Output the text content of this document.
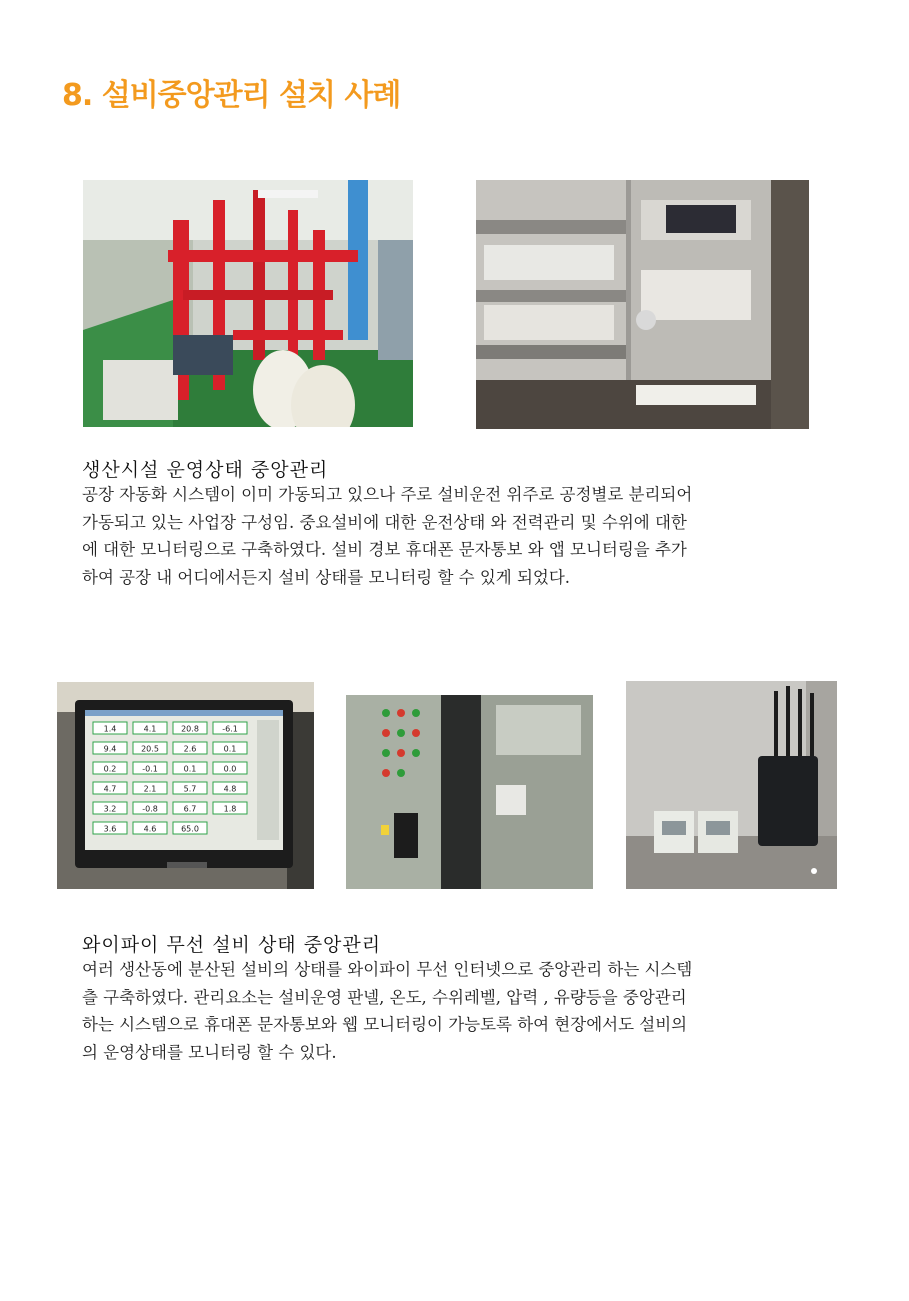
8. 설비중앙관리 설치 사례
생산시설 운영상태 중앙관리
공장 자동화 시스템이 이미 가동되고 있으나 주로 설비운전 위주로 공정별로 분리되어
가동되고 있는 사업장 구성임. 중요설비에 대한 운전상태 와 전력관리 및 수위에 대한
에 대한 모니터링으로 구축하였다. 설비 경보 휴대폰 문자통보 와 앱 모니터링을 추가
하여 공장 내 어디에서든지 설비 상태를 모니터링 할 수 있게 되었다.
1.4	4.1	20.8	-6.1
9.4	20.5	2.6	0.1
0.2	-0.1	0.1	0.0
4.7	2.1	5.7	4.8
3.2	-0.8	6.7	1.8
3.6	4.6	65.0
와이파이 무선 설비 상태 중앙관리
여러 생산동에 분산된 설비의 상태를 와이파이 무선 인터넷으로 중앙관리 하는 시스템
츨 구축하였다. 관리요소는 설비운영 판넬, 온도, 수위레벨, 압력 , 유량등을 중앙관리
하는 시스템으로 휴대폰 문자통보와 웹 모니터링이 가능토록 하여 현장에서도 설비의
의 운영상태를 모니터링 할 수 있다.
